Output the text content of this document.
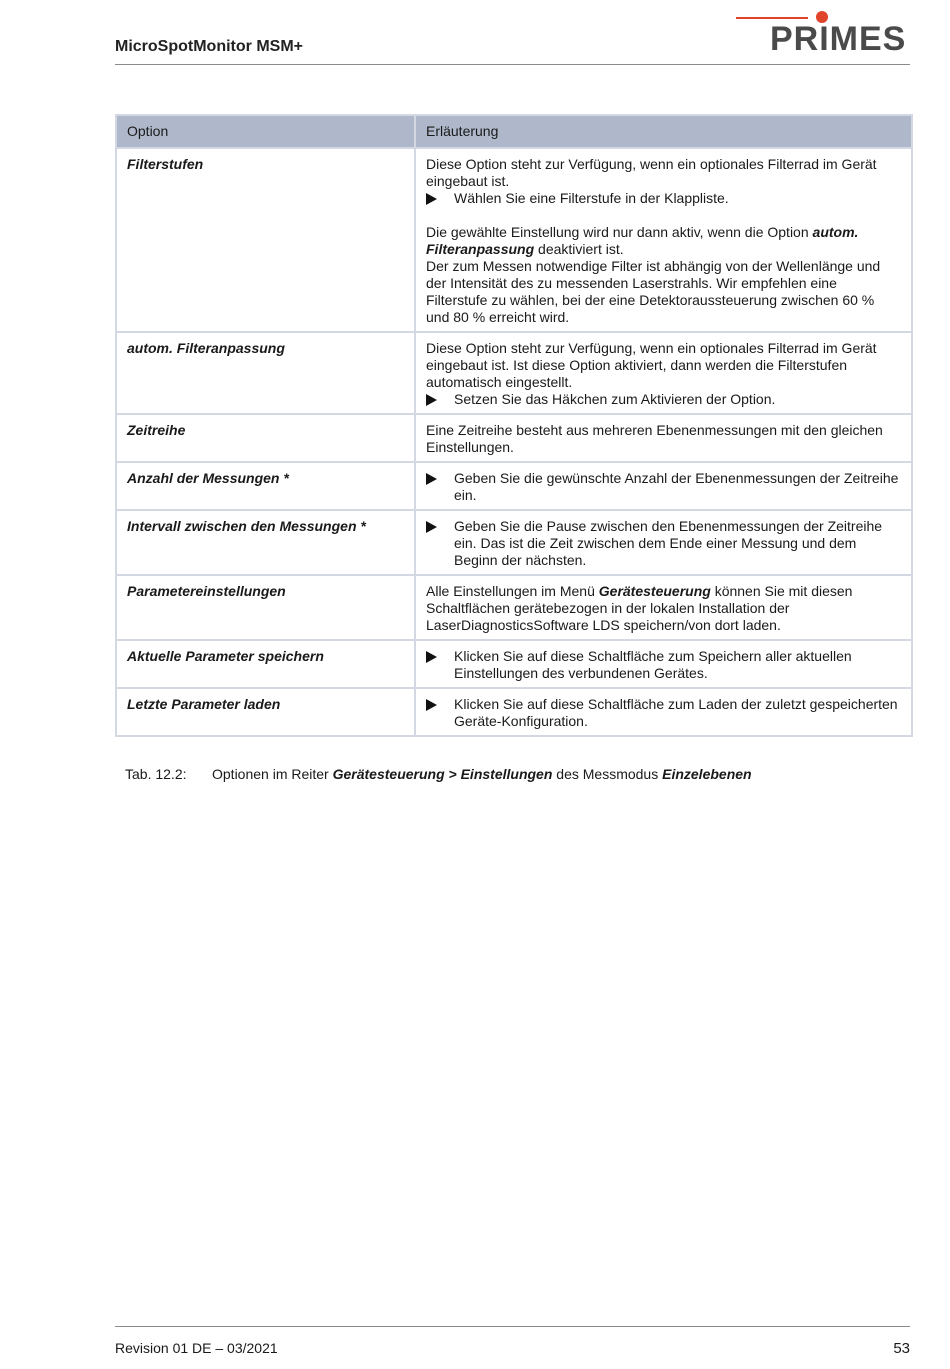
MicroSpotMonitor MSM+	PRIMES
Option	Erläuterung
Filterstufen	Diese Option steht zur Verfügung, wenn ein optionales Filterrad im Gerät eingebaut ist.

Wählen Sie eine Filterstufe in der Klappliste.

Die gewählte Einstellung wird nur dann aktiv, wenn die Option autom. Filteranpassung deaktiviert ist.

Der zum Messen notwendige Filter ist abhängig von der Wellenlänge und der Intensität des zu messenden Laserstrahls. Wir empfehlen eine Filterstufe zu wählen, bei der eine Detektoraussteuerung zwischen 60 % und 80 % erreicht wird.

autom. Filteranpassung	Diese Option steht zur Verfügung, wenn ein optionales Filterrad im Gerät eingebaut ist. Ist diese Option aktiviert, dann werden die Filterstufen automatisch eingestellt.

Setzen Sie das Häkchen zum Aktivieren der Option.

Zeitreihe	Eine Zeitreihe besteht aus mehreren Ebenenmessungen mit den gleichen Einstellungen.

Anzahl der Messungen *	Geben Sie die gewünschte Anzahl der Ebenenmessungen der Zeitreihe ein.

Intervall zwischen den Messungen *	Geben Sie die Pause zwischen den Ebenenmessungen der Zeitreihe ein. Das ist die Zeit zwischen dem Ende einer Messung und dem Beginn der nächsten.

Parametereinstellungen	Alle Einstellungen im Menü Gerätesteuerung können Sie mit diesen Schaltflächen gerätebezogen in der lokalen Installation der LaserDiagnosticsSoftware LDS speichern/von dort laden.

Aktuelle Parameter speichern	Klicken Sie auf diese Schaltfläche zum Speichern aller aktuellen Einstellungen des verbundenen Gerätes.

Letzte Parameter laden	Klicken Sie auf diese Schaltfläche zum Laden der zuletzt gespeicherten Geräte-Konfiguration.

Tab. 12.2: Optionen im Reiter Gerätesteuerung > Einstellungen des Messmodus Einzelebenen
Revision 01 DE – 03/2021	53
